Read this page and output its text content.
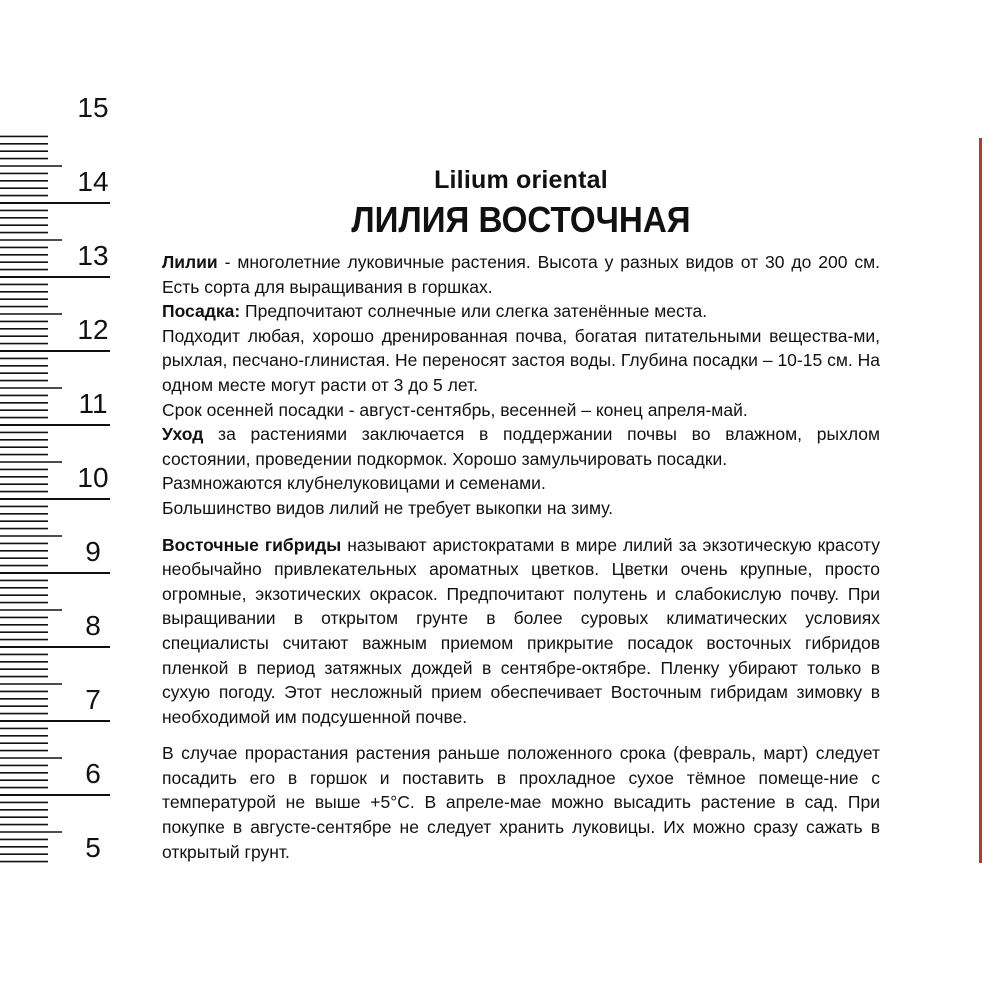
15
14
13
12
11
10
9
8
7
6
5
Lilium oriental
ЛИЛИЯ ВОСТОЧНАЯ

Лилии - многолетние луковичные растения. Высота у разных видов от 30 до 200 см. Есть сорта для выращивания в горшках.

Посадка: Предпочитают солнечные или слегка затенённые места.

Подходит любая, хорошо дренированная почва, богатая питательными вещества-ми, рыхлая, песчано-глинистая. Не переносят застоя воды. Глубина посадки – 10-15 см. На одном месте могут расти от 3 до 5 лет.

Срок осенней посадки - август-сентябрь, весенней – конец апреля-май.

Уход за растениями заключается в поддержании почвы во влажном, рыхлом состоянии, проведении подкормок. Хорошо замульчировать посадки.

Размножаются клубнелуковицами и семенами.

Большинство видов лилий не требует выкопки на зиму.

Восточные гибриды называют аристократами в мире лилий за экзотическую красоту необычайно привлекательных ароматных цветков. Цветки очень крупные, просто огромные, экзотических окрасок. Предпочитают полутень и слабокислую почву. При выращивании в открытом грунте в более суровых климатических условиях специалисты считают важным приемом прикрытие посадок восточных гибридов пленкой в период затяжных дождей в сентябре-октябре. Пленку убирают только в сухую погоду. Этот несложный прием обеспечивает Восточным гибридам зимовку в необходимой им подсушенной почве.

В случае прорастания растения раньше положенного срока (февраль, март) следует посадить его в горшок и поставить в прохладное сухое тёмное помеще-ние с температурой не выше +5°С. В апреле-мае можно высадить растение в сад. При покупке в августе-сентябре не следует хранить луковицы. Их можно сразу сажать в открытый грунт.
